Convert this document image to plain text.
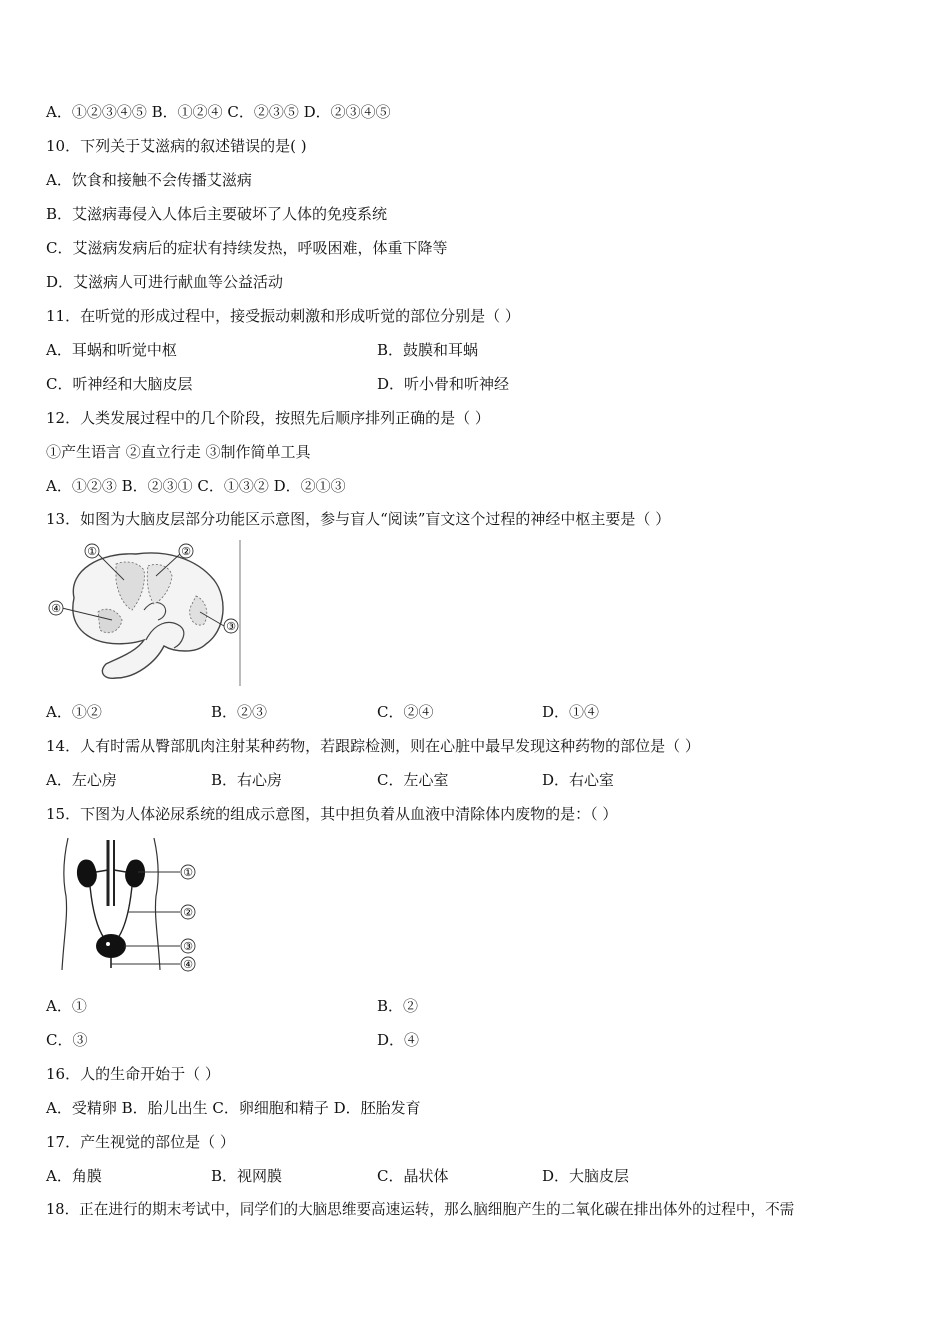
A．①②③④⑤ B．①②④ C．②③⑤ D．②③④⑤
10．下列关于艾滋病的叙述错误的是( )
A．饮食和接触不会传播艾滋病
B．艾滋病毒侵入人体后主要破坏了人体的免疫系统
C．艾滋病发病后的症状有持续发热，呼吸困难，体重下降等
D．艾滋病人可进行献血等公益活动
11．在听觉的形成过程中，接受振动刺激和形成听觉的部位分别是（ ）
A．耳蜗和听觉中枢	B．鼓膜和耳蜗
C．听神经和大脑皮层	D．听小骨和听神经
12．人类发展过程中的几个阶段，按照先后顺序排列正确的是（ ）
①产生语言 ②直立行走 ③制作简单工具
A．①②③ B．②③① C．①③② D．②①③
13．如图为大脑皮层部分功能区示意图，参与盲人“阅读”盲文这个过程的神经中枢主要是（ ）
①	②
③
④
A．①②	B．②③	C．②④	D．①④
14．人有时需从臀部肌肉注射某种药物，若跟踪检测，则在心脏中最早发现这种药物的部位是（ ）
A．左心房	B．右心房	C．左心室	D．右心室
15．下图为人体泌尿系统的组成示意图，其中担负着从血液中清除体内废物的是：（ ）
①
②
③
④
A．①	B．②
C．③	D．④
16．人的生命开始于（ ）
A．受精卵 B．胎儿出生 C．卵细胞和精子 D．胚胎发育
17．产生视觉的部位是（ ）
A．角膜	B．视网膜	C．晶状体	D．大脑皮层
18．正在进行的期末考试中，同学们的大脑思维要高速运转，那么脑细胞产生的二氧化碳在排出体外的过程中，不需
